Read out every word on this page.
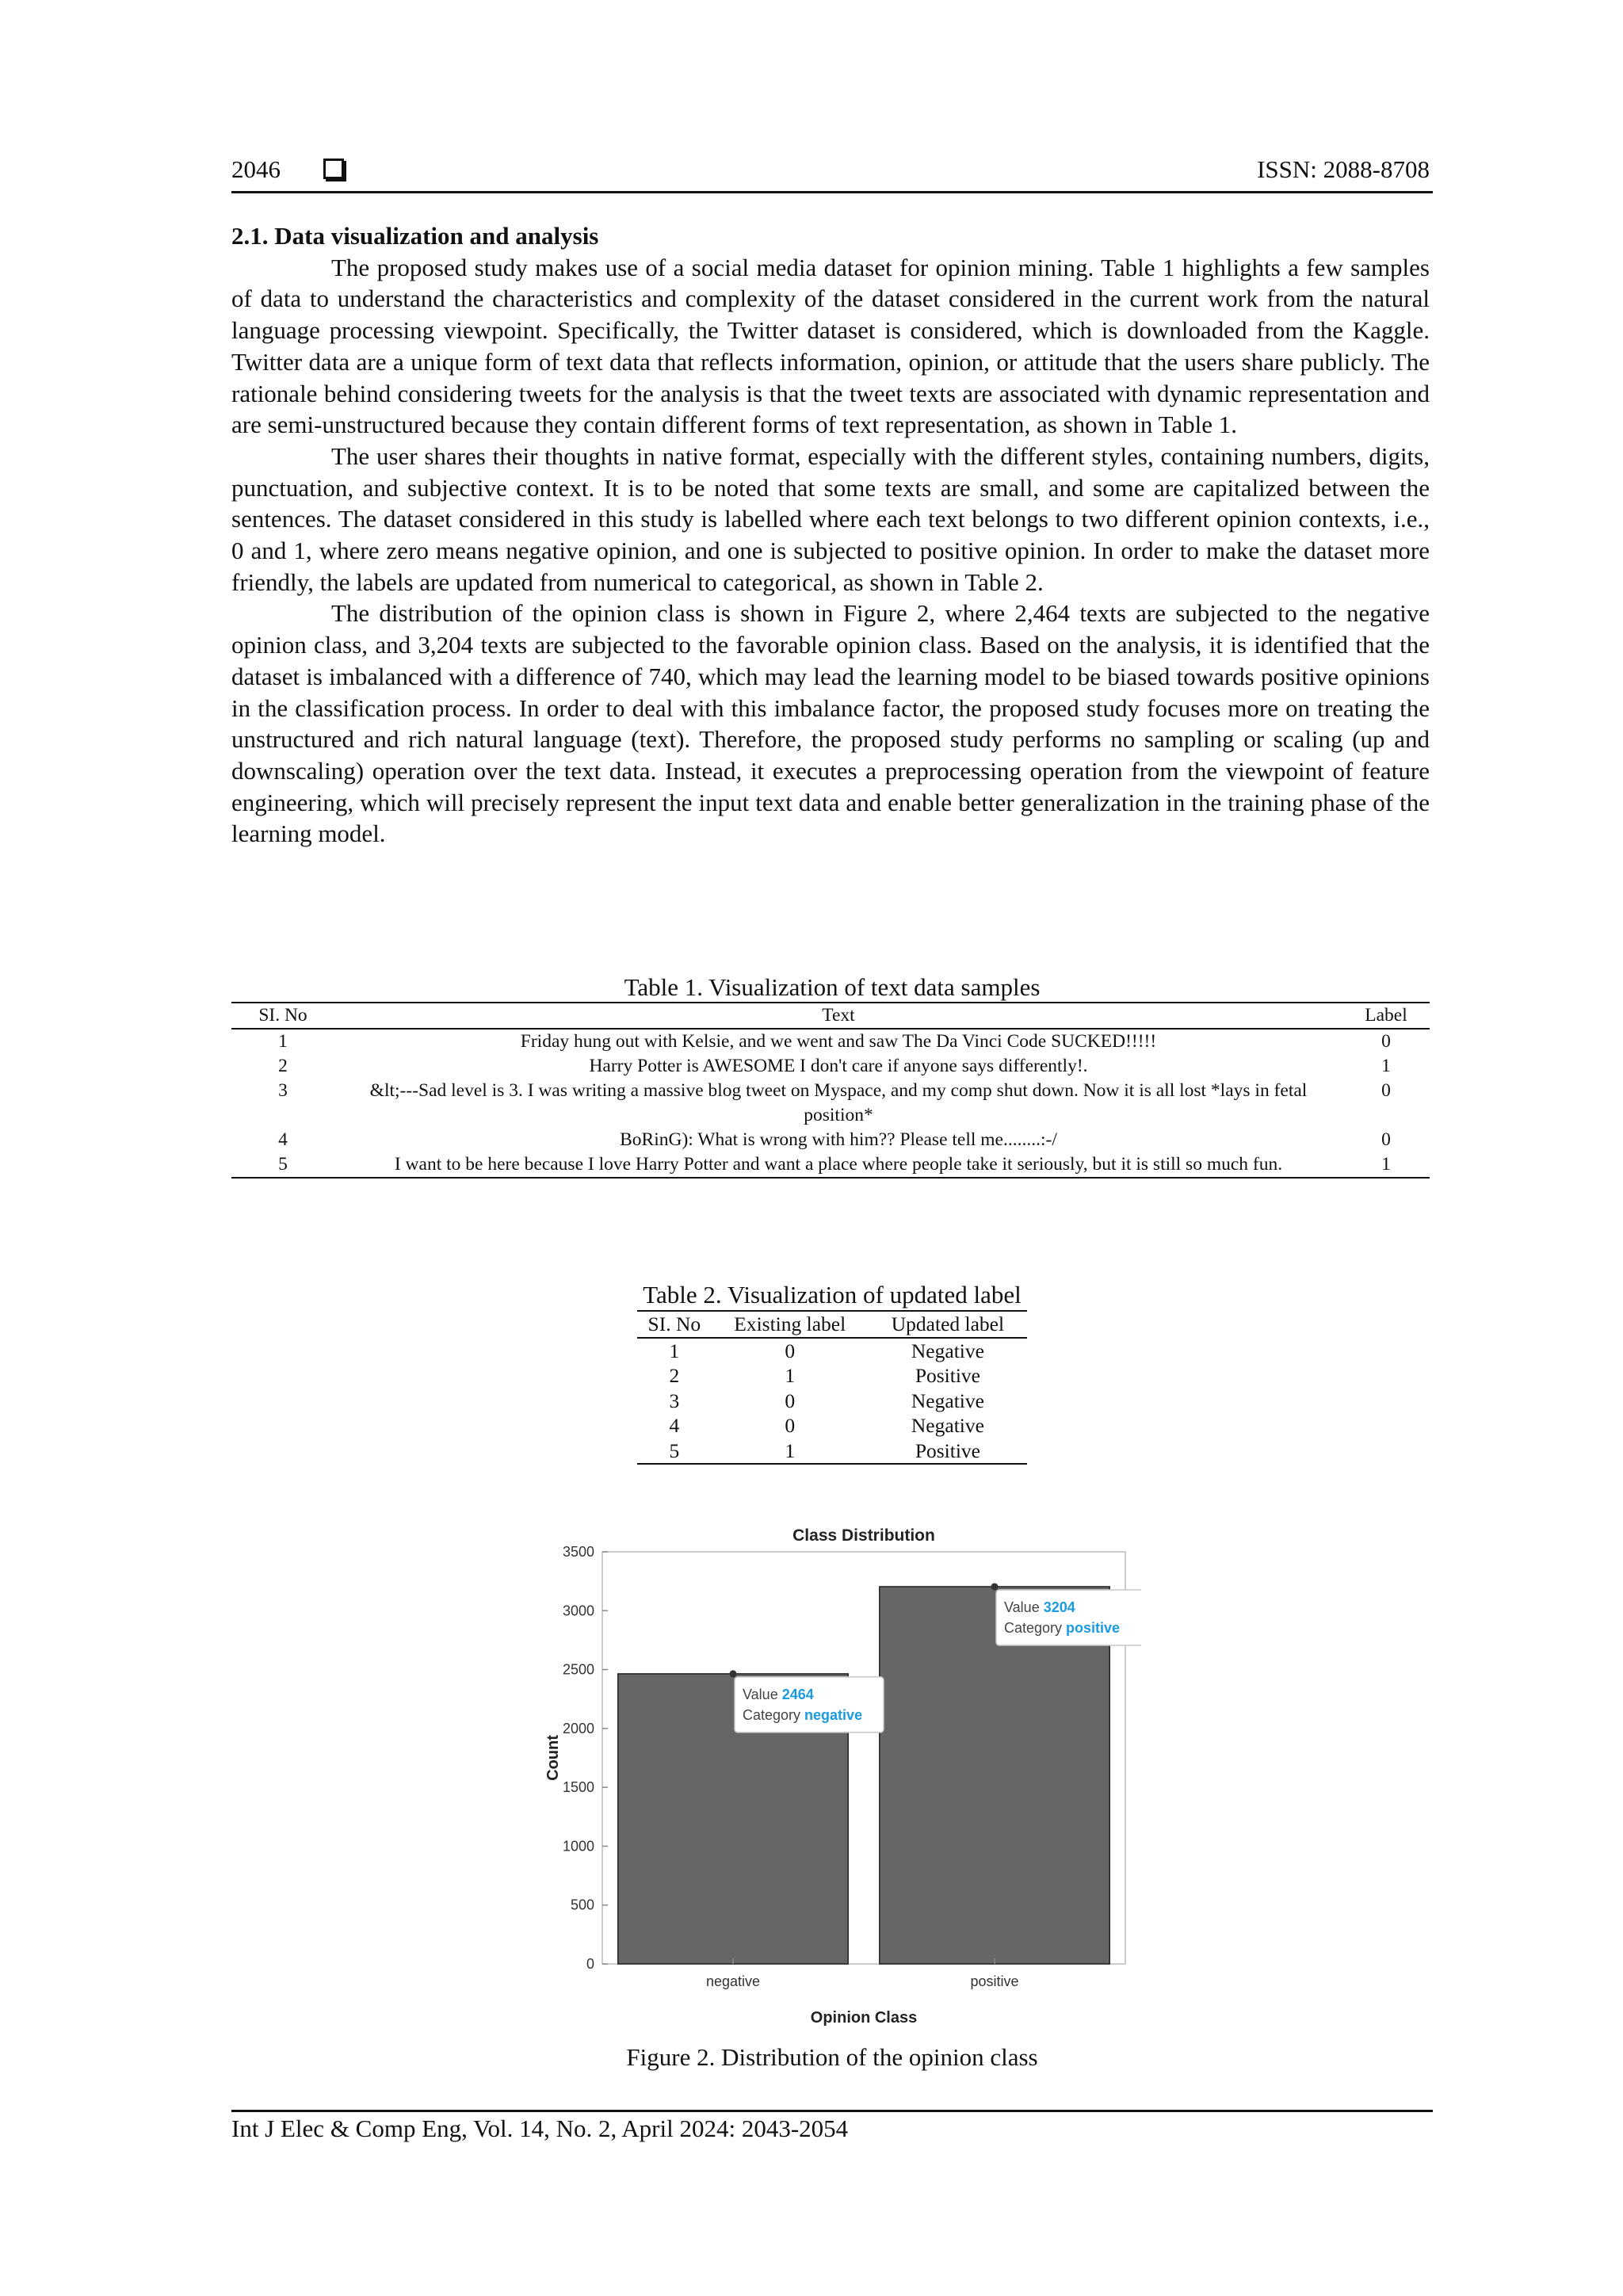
2046	ISSN: 2088-8708
2.1. Data visualization and analysis

The proposed study makes use of a social media dataset for opinion mining. Table 1 highlights a few samples of data to understand the characteristics and complexity of the dataset considered in the current work from the natural language processing viewpoint. Specifically, the Twitter dataset is considered, which is downloaded from the Kaggle. Twitter data are a unique form of text data that reflects information, opinion, or attitude that the users share publicly. The rationale behind considering tweets for the analysis is that the tweet texts are associated with dynamic representation and are semi-unstructured because they contain different forms of text representation, as shown in Table 1.

The user shares their thoughts in native format, especially with the different styles, containing numbers, digits, punctuation, and subjective context. It is to be noted that some texts are small, and some are capitalized between the sentences. The dataset considered in this study is labelled where each text belongs to two different opinion contexts, i.e., 0 and 1, where zero means negative opinion, and one is subjected to positive opinion. In order to make the dataset more friendly, the labels are updated from numerical to categorical, as shown in Table 2.

The distribution of the opinion class is shown in Figure 2, where 2,464 texts are subjected to the negative opinion class, and 3,204 texts are subjected to the favorable opinion class. Based on the analysis, it is identified that the dataset is imbalanced with a difference of 740, which may lead the learning model to be biased towards positive opinions in the classification process. In order to deal with this imbalance factor, the proposed study focuses more on treating the unstructured and rich natural language (text). Therefore, the proposed study performs no sampling or scaling (up and downscaling) operation over the text data. Instead, it executes a preprocessing operation from the viewpoint of feature engineering, which will precisely represent the input text data and enable better generalization in the training phase of the learning model.

Table 1. Visualization of text data samples
SI. No	Text	Label
1	Friday hung out with Kelsie, and we went and saw The Da Vinci Code SUCKED!!!!!	0
2	Harry Potter is AWESOME I don't care if anyone says differently!.	1
3	&lt;---Sad level is 3. I was writing a massive blog tweet on Myspace, and my comp shut down. Now it is all lost *lays in fetal position*	0
4	BoRinG): What is wrong with him?? Please tell me........:-/	0
5	I want to be here because I love Harry Potter and want a place where people take it seriously, but it is still so much fun.	1
Table 2. Visualization of updated label
SI. No	Existing label	Updated label
1	0	Negative
2	1	Positive
3	0	Negative
4	0	Negative
5	1	Positive
Class Distribution
0
500
1000
1500
2000
2500
3000
3500
negative	positive
Opinion Class
Count
Value 2464
Category negative
Value 3204
Category positive
Figure 2. Distribution of the opinion class
Int J Elec & Comp Eng, Vol. 14, No. 2, April 2024: 2043-2054
